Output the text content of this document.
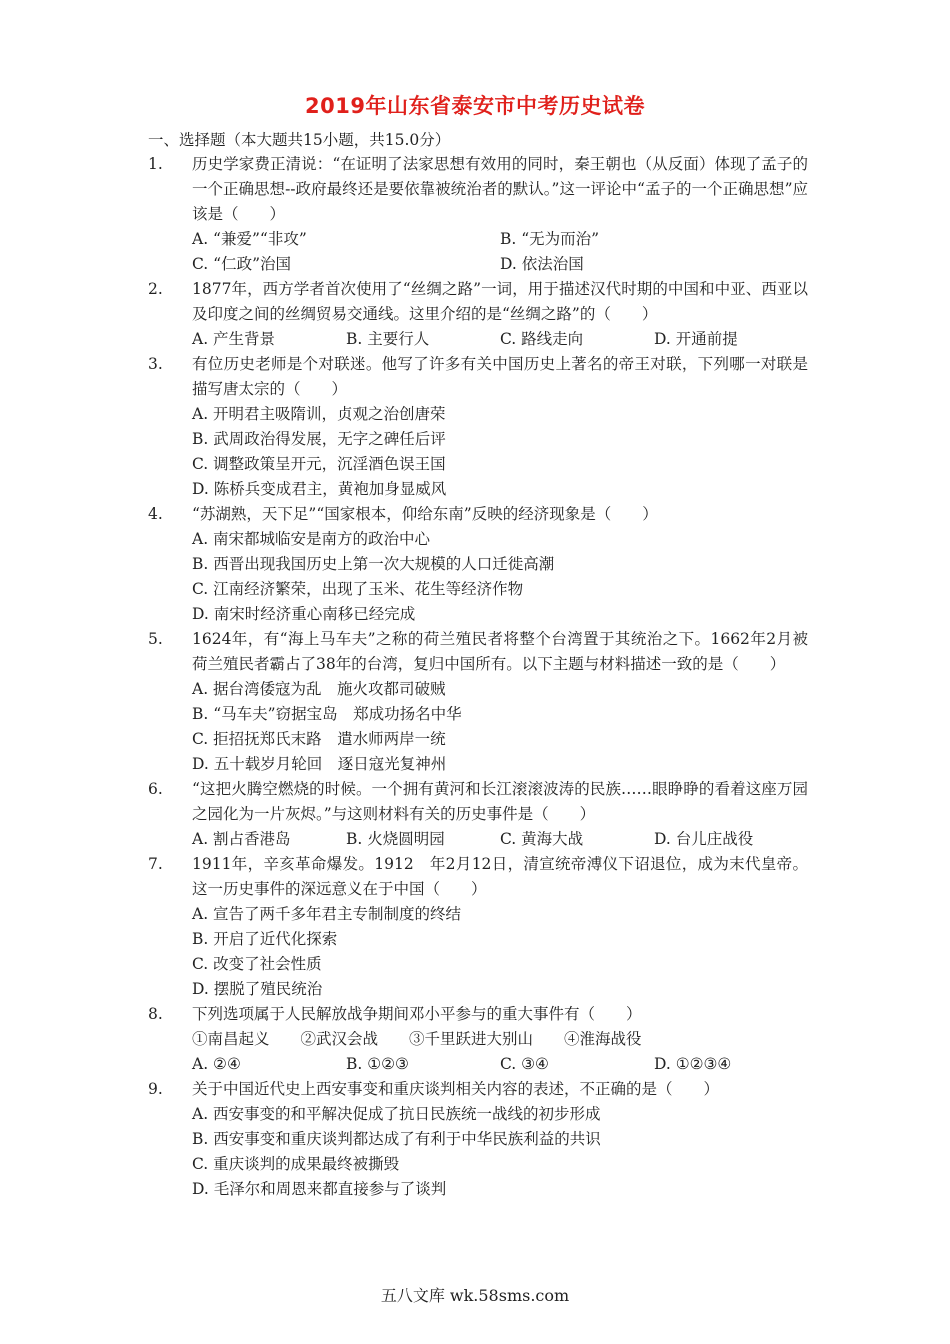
2019年山东省泰安市中考历史试卷
一、选择题（本大题共15小题，共15.0分）
1.	历史学家费正清说：“在证明了法家思想有效用的同时，秦王朝也（从反面）体现了孟子的一个正确思想--政府最终还是要依靠被统治者的默认。”这一评论中“孟子的一个正确思想”应该是（　　）
A. “兼爱”“非攻”	B. “无为而治”
C. “仁政”治国	D. 依法治国
2.	1877年，西方学者首次使用了“丝绸之路”一词，用于描述汉代时期的中国和中亚、西亚以及印度之间的丝绸贸易交通线。这里介绍的是“丝绸之路”的（　　）
A. 产生背景	B. 主要行人	C. 路线走向	D. 开通前提
3.	有位历史老师是个对联迷。他写了许多有关中国历史上著名的帝王对联，下列哪一对联是描写唐太宗的（　　）
A. 开明君主吸隋训，贞观之治创唐荣
B. 武周政治得发展，无字之碑任后评
C. 调整政策呈开元，沉淫酒色误王国
D. 陈桥兵变成君主，黄袍加身显威风
4.	“苏湖熟，天下足”“国家根本，仰给东南”反映的经济现象是（　　）
A. 南宋都城临安是南方的政治中心
B. 西晋出现我国历史上第一次大规模的人口迁徙高潮
C. 江南经济繁荣，出现了玉米、花生等经济作物
D. 南宋时经济重心南移已经完成
5.	1624年，有“海上马车夫”之称的荷兰殖民者将整个台湾置于其统治之下。1662年2月被荷兰殖民者霸占了38年的台湾，复归中国所有。以下主题与材料描述一致的是（　　）
A. 据台湾倭寇为乱　施火攻都司破贼
B. “马车夫”窃据宝岛　郑成功扬名中华
C. 拒招抚郑氏末路　遣水师两岸一统
D. 五十载岁月轮回　逐日寇光复神州
6.	“这把火腾空燃烧的时候。一个拥有黄河和长江滚滚波涛的民族……眼睁睁的看着这座万园之园化为一片灰烬。”与这则材料有关的历史事件是（　　）
A. 割占香港岛	B. 火烧圆明园	C. 黄海大战	D. 台儿庄战役
7.	1911年，辛亥革命爆发。1912　年2月12日，清宣统帝溥仪下诏退位，成为末代皇帝。这一历史事件的深远意义在于中国（　　）
A. 宣告了两千多年君主专制制度的终结
B. 开启了近代化探索
C. 改变了社会性质
D. 摆脱了殖民统治
8.	下列选项属于人民解放战争期间邓小平参与的重大事件有（　　）
①南昌起义　　②武汉会战　　③千里跃进大别山　　④淮海战役
A. ②④	B. ①②③	C. ③④	D. ①②③④
9.	关于中国近代史上西安事变和重庆谈判相关内容的表述，不正确的是（　　）
A. 西安事变的和平解决促成了抗日民族统一战线的初步形成
B. 西安事变和重庆谈判都达成了有利于中华民族利益的共识
C. 重庆谈判的成果最终被撕毁
D. 毛泽尔和周恩来都直接参与了谈判
五八文库 wk.58sms.com
